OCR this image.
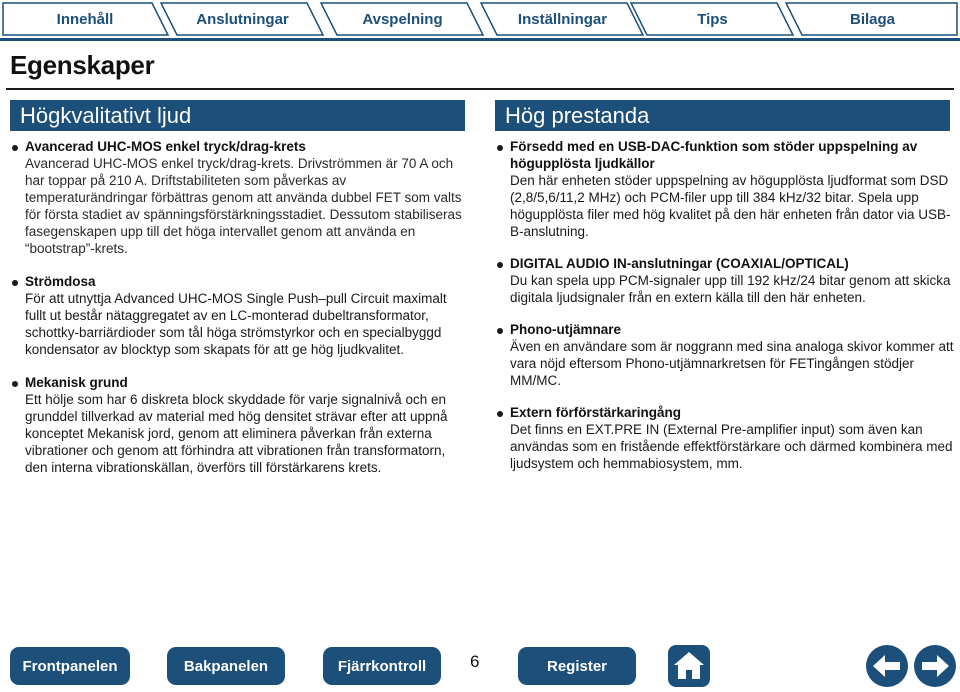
Innehåll	Anslutningar	Avspelning	Inställningar	Tips	Bilaga
Egenskaper
Högkvalitativt ljud	Hög prestanda
Avancerad UHC-MOS enkel tryck/drag-krets
Avancerad UHC-MOS enkel tryck/drag-krets. Drivströmmen är 70 A och har toppar på 210 A. Driftstabiliteten som påverkas av temperaturändringar förbättras genom att använda dubbel FET som valts för första stadiet av spänningsförstärkningsstadiet. Dessutom stabiliseras fasegenskapen upp till det höga intervallet genom att använda en “bootstrap”-krets.
Strömdosa
För att utnyttja Advanced UHC-MOS Single Push–pull Circuit maximalt fullt ut består nätaggregatet av en LC-monterad dubeltransformator, schottky-barriärdioder som tål höga strömstyrkor och en specialbyggd kondensator av blocktyp som skapats för att ge hög ljudkvalitet.
Mekanisk grund
Ett hölje som har 6 diskreta block skyddade för varje signalnivå och en grunddel tillverkad av material med hög densitet strävar efter att uppnå konceptet Mekanisk jord, genom att eliminera påverkan från externa vibrationer och genom att förhindra att vibrationen från transformatorn, den interna vibrationskällan, överförs till förstärkarens krets.
Försedd med en USB-DAC-funktion som stöder uppspelning av högupplösta ljudkällor
Den här enheten stöder uppspelning av högupplösta ljudformat som DSD (2,8/5,6/11,2 MHz) och PCM-filer upp till 384 kHz/32 bitar. Spela upp högupplösta filer med hög kvalitet på den här enheten från dator via USB-B-anslutning.
DIGITAL AUDIO IN-anslutningar (COAXIAL/OPTICAL)
Du kan spela upp PCM-signaler upp till 192 kHz/24 bitar genom att skicka digitala ljudsignaler från en extern källa till den här enheten.
Phono-utjämnare
Även en användare som är noggrann med sina analoga skivor kommer att vara nöjd eftersom Phono-utjämnarkretsen för FETingången stödjer MM/MC.
Extern förförstärkaringång
Det finns en EXT.PRE IN (External Pre-amplifier input) som även kan användas som en fristående effektförstärkare och därmed kombinera med ljudsystem och hemmabiosystem, mm.
Frontpanelen	Bakpanelen	Fjärrkontroll	6	Register
